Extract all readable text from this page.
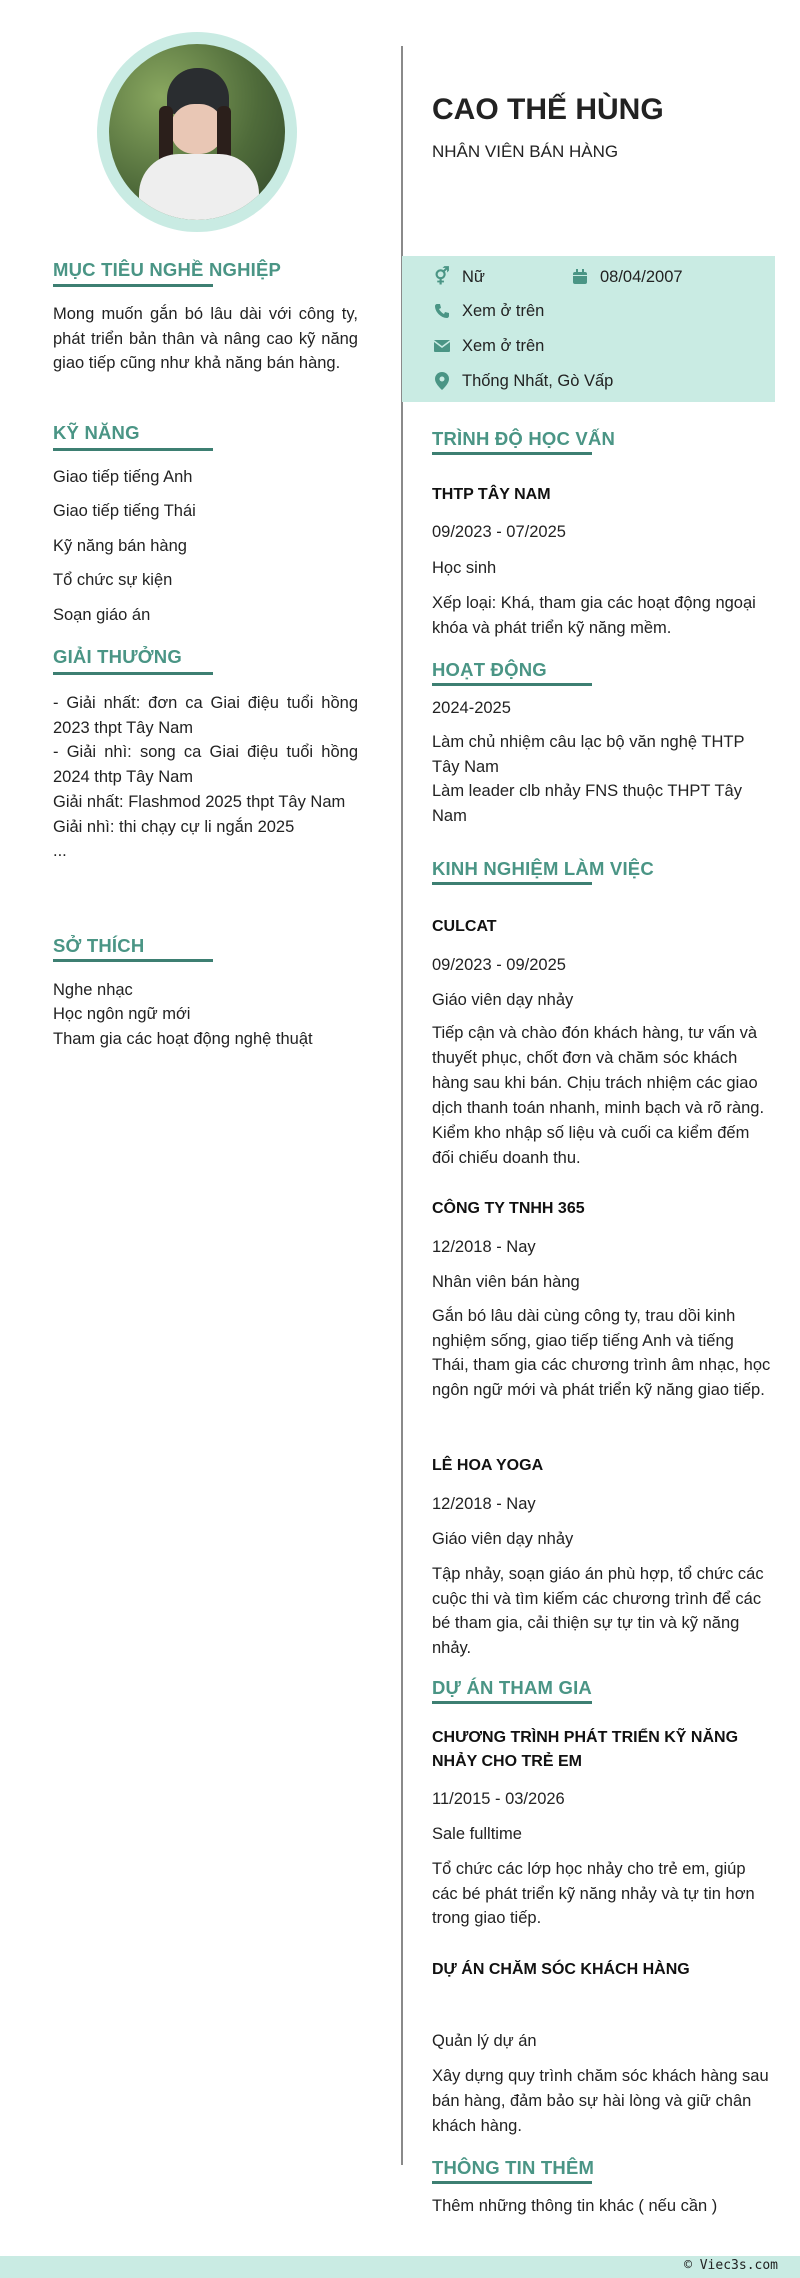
CAO THẾ HÙNG
NHÂN VIÊN BÁN HÀNG
⚥ Nữ	08/04/2007
Xem ở trên
Xem ở trên
Thống Nhất, Gò Vấp
MỤC TIÊU NGHỀ NGHIỆP
Mong muốn gắn bó lâu dài với công ty, phát triển bản thân và nâng cao kỹ năng giao tiếp cũng như khả năng bán hàng.
KỸ NĂNG
Giao tiếp tiếng Anh
Giao tiếp tiếng Thái
Kỹ năng bán hàng
Tổ chức sự kiện
Soạn giáo án
GIẢI THƯỞNG
- Giải nhất: đơn ca Giai điệu tuổi hồng 2023 thpt Tây Nam
- Giải nhì: song ca Giai điệu tuổi hồng 2024 thtp Tây Nam
Giải nhất: Flashmod 2025 thpt Tây Nam
Giải nhì: thi chạy cự li ngắn 2025
...
SỞ THÍCH
Nghe nhạc
Học ngôn ngữ mới
Tham gia các hoạt động nghệ thuật
TRÌNH ĐỘ HỌC VẤN
THTP TÂY NAM
09/2023 - 07/2025
Học sinh
Xếp loại: Khá, tham gia các hoạt động ngoại khóa và phát triển kỹ năng mềm.
HOẠT ĐỘNG
2024-2025
Làm chủ nhiệm câu lạc bộ văn nghệ THTP Tây Nam
Làm leader clb nhảy FNS thuộc THPT Tây Nam
KINH NGHIỆM LÀM VIỆC
CULCAT
09/2023 - 09/2025
Giáo viên dạy nhảy
Tiếp cận và chào đón khách hàng, tư vấn và thuyết phục, chốt đơn và chăm sóc khách hàng sau khi bán. Chịu trách nhiệm các giao dịch thanh toán nhanh, minh bạch và rõ ràng. Kiểm kho nhập số liệu và cuối ca kiểm đếm đối chiếu doanh thu.
CÔNG TY TNHH 365
12/2018 - Nay
Nhân viên bán hàng
Gắn bó lâu dài cùng công ty, trau dồi kinh nghiệm sống, giao tiếp tiếng Anh và tiếng Thái, tham gia các chương trình âm nhạc, học ngôn ngữ mới và phát triển kỹ năng giao tiếp.
LÊ HOA YOGA
12/2018 - Nay
Giáo viên dạy nhảy
Tập nhảy, soạn giáo án phù hợp, tổ chức các cuộc thi và tìm kiếm các chương trình để các bé tham gia, cải thiện sự tự tin và kỹ năng nhảy.
DỰ ÁN THAM GIA
CHƯƠNG TRÌNH PHÁT TRIỂN KỸ NĂNG NHẢY CHO TRẺ EM
11/2015 - 03/2026
Sale fulltime
Tổ chức các lớp học nhảy cho trẻ em, giúp các bé phát triển kỹ năng nhảy và tự tin hơn trong giao tiếp.
DỰ ÁN CHĂM SÓC KHÁCH HÀNG
Quản lý dự án
Xây dựng quy trình chăm sóc khách hàng sau bán hàng, đảm bảo sự hài lòng và giữ chân khách hàng.
THÔNG TIN THÊM
Thêm những thông tin khác ( nếu cần )
© Viec3s.com
